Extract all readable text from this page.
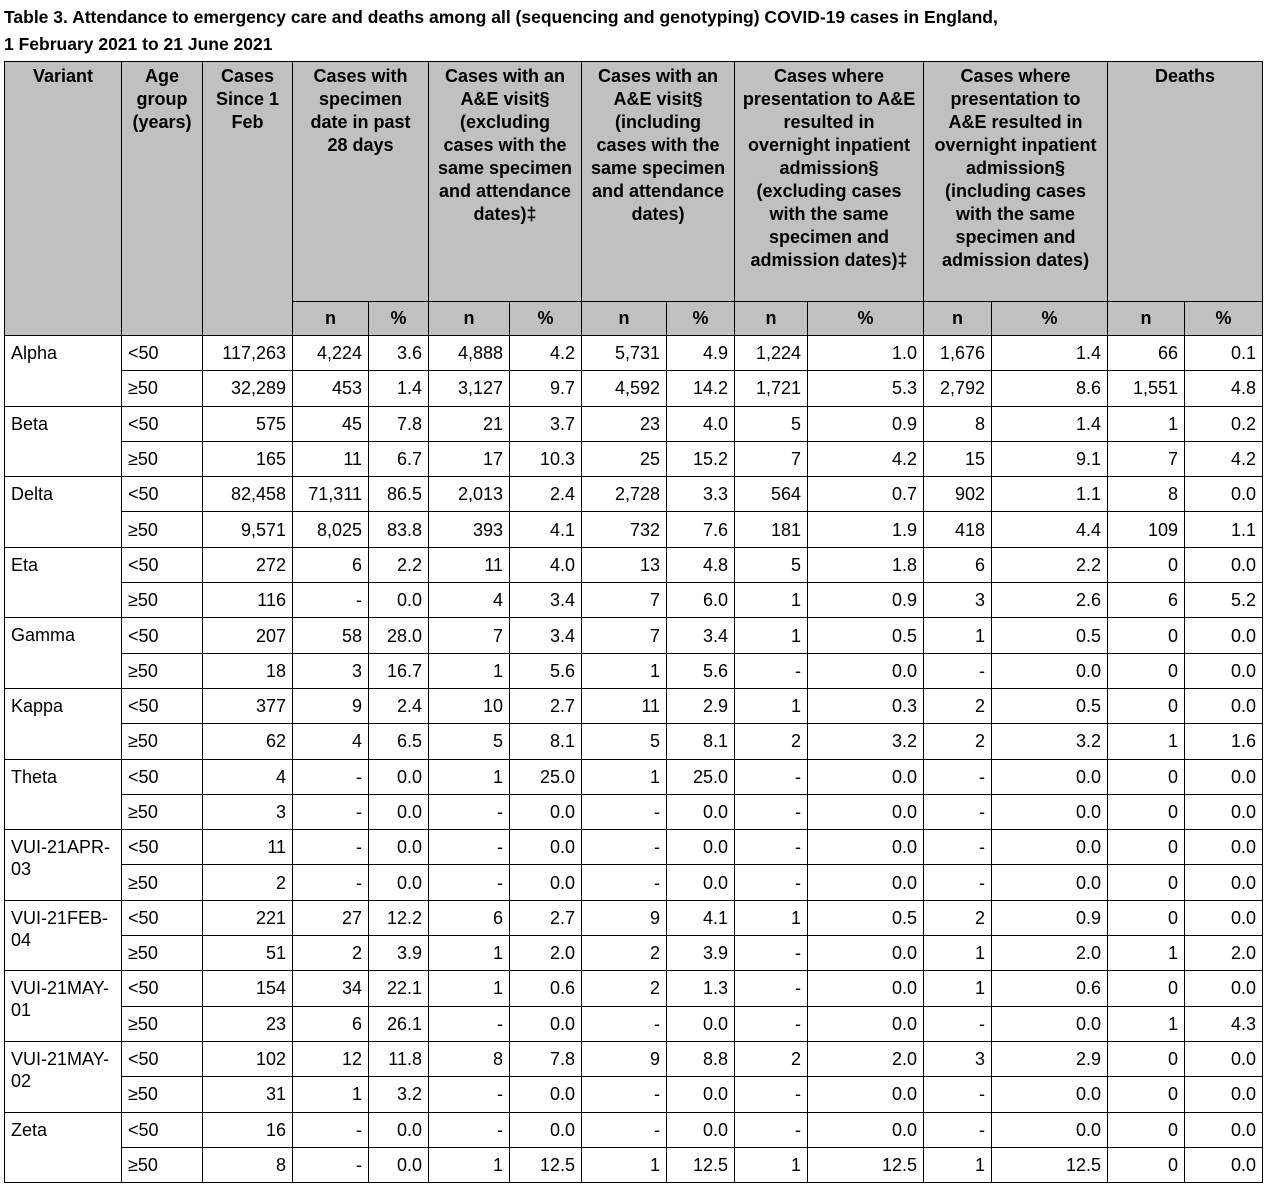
Table 3. Attendance to emergency care and deaths among all (sequencing and genotyping) COVID-19 cases in England,
1 February 2021 to 21 June 2021
Variant	Age group (years)	Cases Since 1 Feb	Cases with specimen date in past 28 days		Cases with an A&E visit§ (excluding cases with the same specimen and attendance dates)‡		Cases with an A&E visit§ (including cases with the same specimen and attendance dates)		Cases where presentation to A&E resulted in overnight inpatient admission§ (excluding cases with the same specimen and admission dates)‡		Cases where presentation to A&E resulted in overnight inpatient admission§ (including cases with the same specimen and admission dates)		Deaths	
			n	%	n	%	n	%	n	%	n	%	n	%
Alpha	<50	117,263	4,224	3.6	4,888	4.2	5,731	4.9	1,224	1.0	1,676	1.4	66	0.1
	≥50	32,289	453	1.4	3,127	9.7	4,592	14.2	1,721	5.3	2,792	8.6	1,551	4.8
Beta	<50	575	45	7.8	21	3.7	23	4.0	5	0.9	8	1.4	1	0.2
	≥50	165	11	6.7	17	10.3	25	15.2	7	4.2	15	9.1	7	4.2
Delta	<50	82,458	71,311	86.5	2,013	2.4	2,728	3.3	564	0.7	902	1.1	8	0.0
	≥50	9,571	8,025	83.8	393	4.1	732	7.6	181	1.9	418	4.4	109	1.1
Eta	<50	272	6	2.2	11	4.0	13	4.8	5	1.8	6	2.2	0	0.0
	≥50	116	-	0.0	4	3.4	7	6.0	1	0.9	3	2.6	6	5.2
Gamma	<50	207	58	28.0	7	3.4	7	3.4	1	0.5	1	0.5	0	0.0
	≥50	18	3	16.7	1	5.6	1	5.6	-	0.0	-	0.0	0	0.0
Kappa	<50	377	9	2.4	10	2.7	11	2.9	1	0.3	2	0.5	0	0.0
	≥50	62	4	6.5	5	8.1	5	8.1	2	3.2	2	3.2	1	1.6
Theta	<50	4	-	0.0	1	25.0	1	25.0	-	0.0	-	0.0	0	0.0
	≥50	3	-	0.0	-	0.0	-	0.0	-	0.0	-	0.0	0	0.0
VUI-21APR-03	<50	11	-	0.0	-	0.0	-	0.0	-	0.0	-	0.0	0	0.0
	≥50	2	-	0.0	-	0.0	-	0.0	-	0.0	-	0.0	0	0.0
VUI-21FEB-04	<50	221	27	12.2	6	2.7	9	4.1	1	0.5	2	0.9	0	0.0
	≥50	51	2	3.9	1	2.0	2	3.9	-	0.0	1	2.0	1	2.0
VUI-21MAY-01	<50	154	34	22.1	1	0.6	2	1.3	-	0.0	1	0.6	0	0.0
	≥50	23	6	26.1	-	0.0	-	0.0	-	0.0	-	0.0	1	4.3
VUI-21MAY-02	<50	102	12	11.8	8	7.8	9	8.8	2	2.0	3	2.9	0	0.0
	≥50	31	1	3.2	-	0.0	-	0.0	-	0.0	-	0.0	0	0.0
Zeta	<50	16	-	0.0	-	0.0	-	0.0	-	0.0	-	0.0	0	0.0
	≥50	8	-	0.0	1	12.5	1	12.5	1	12.5	1	12.5	0	0.0
